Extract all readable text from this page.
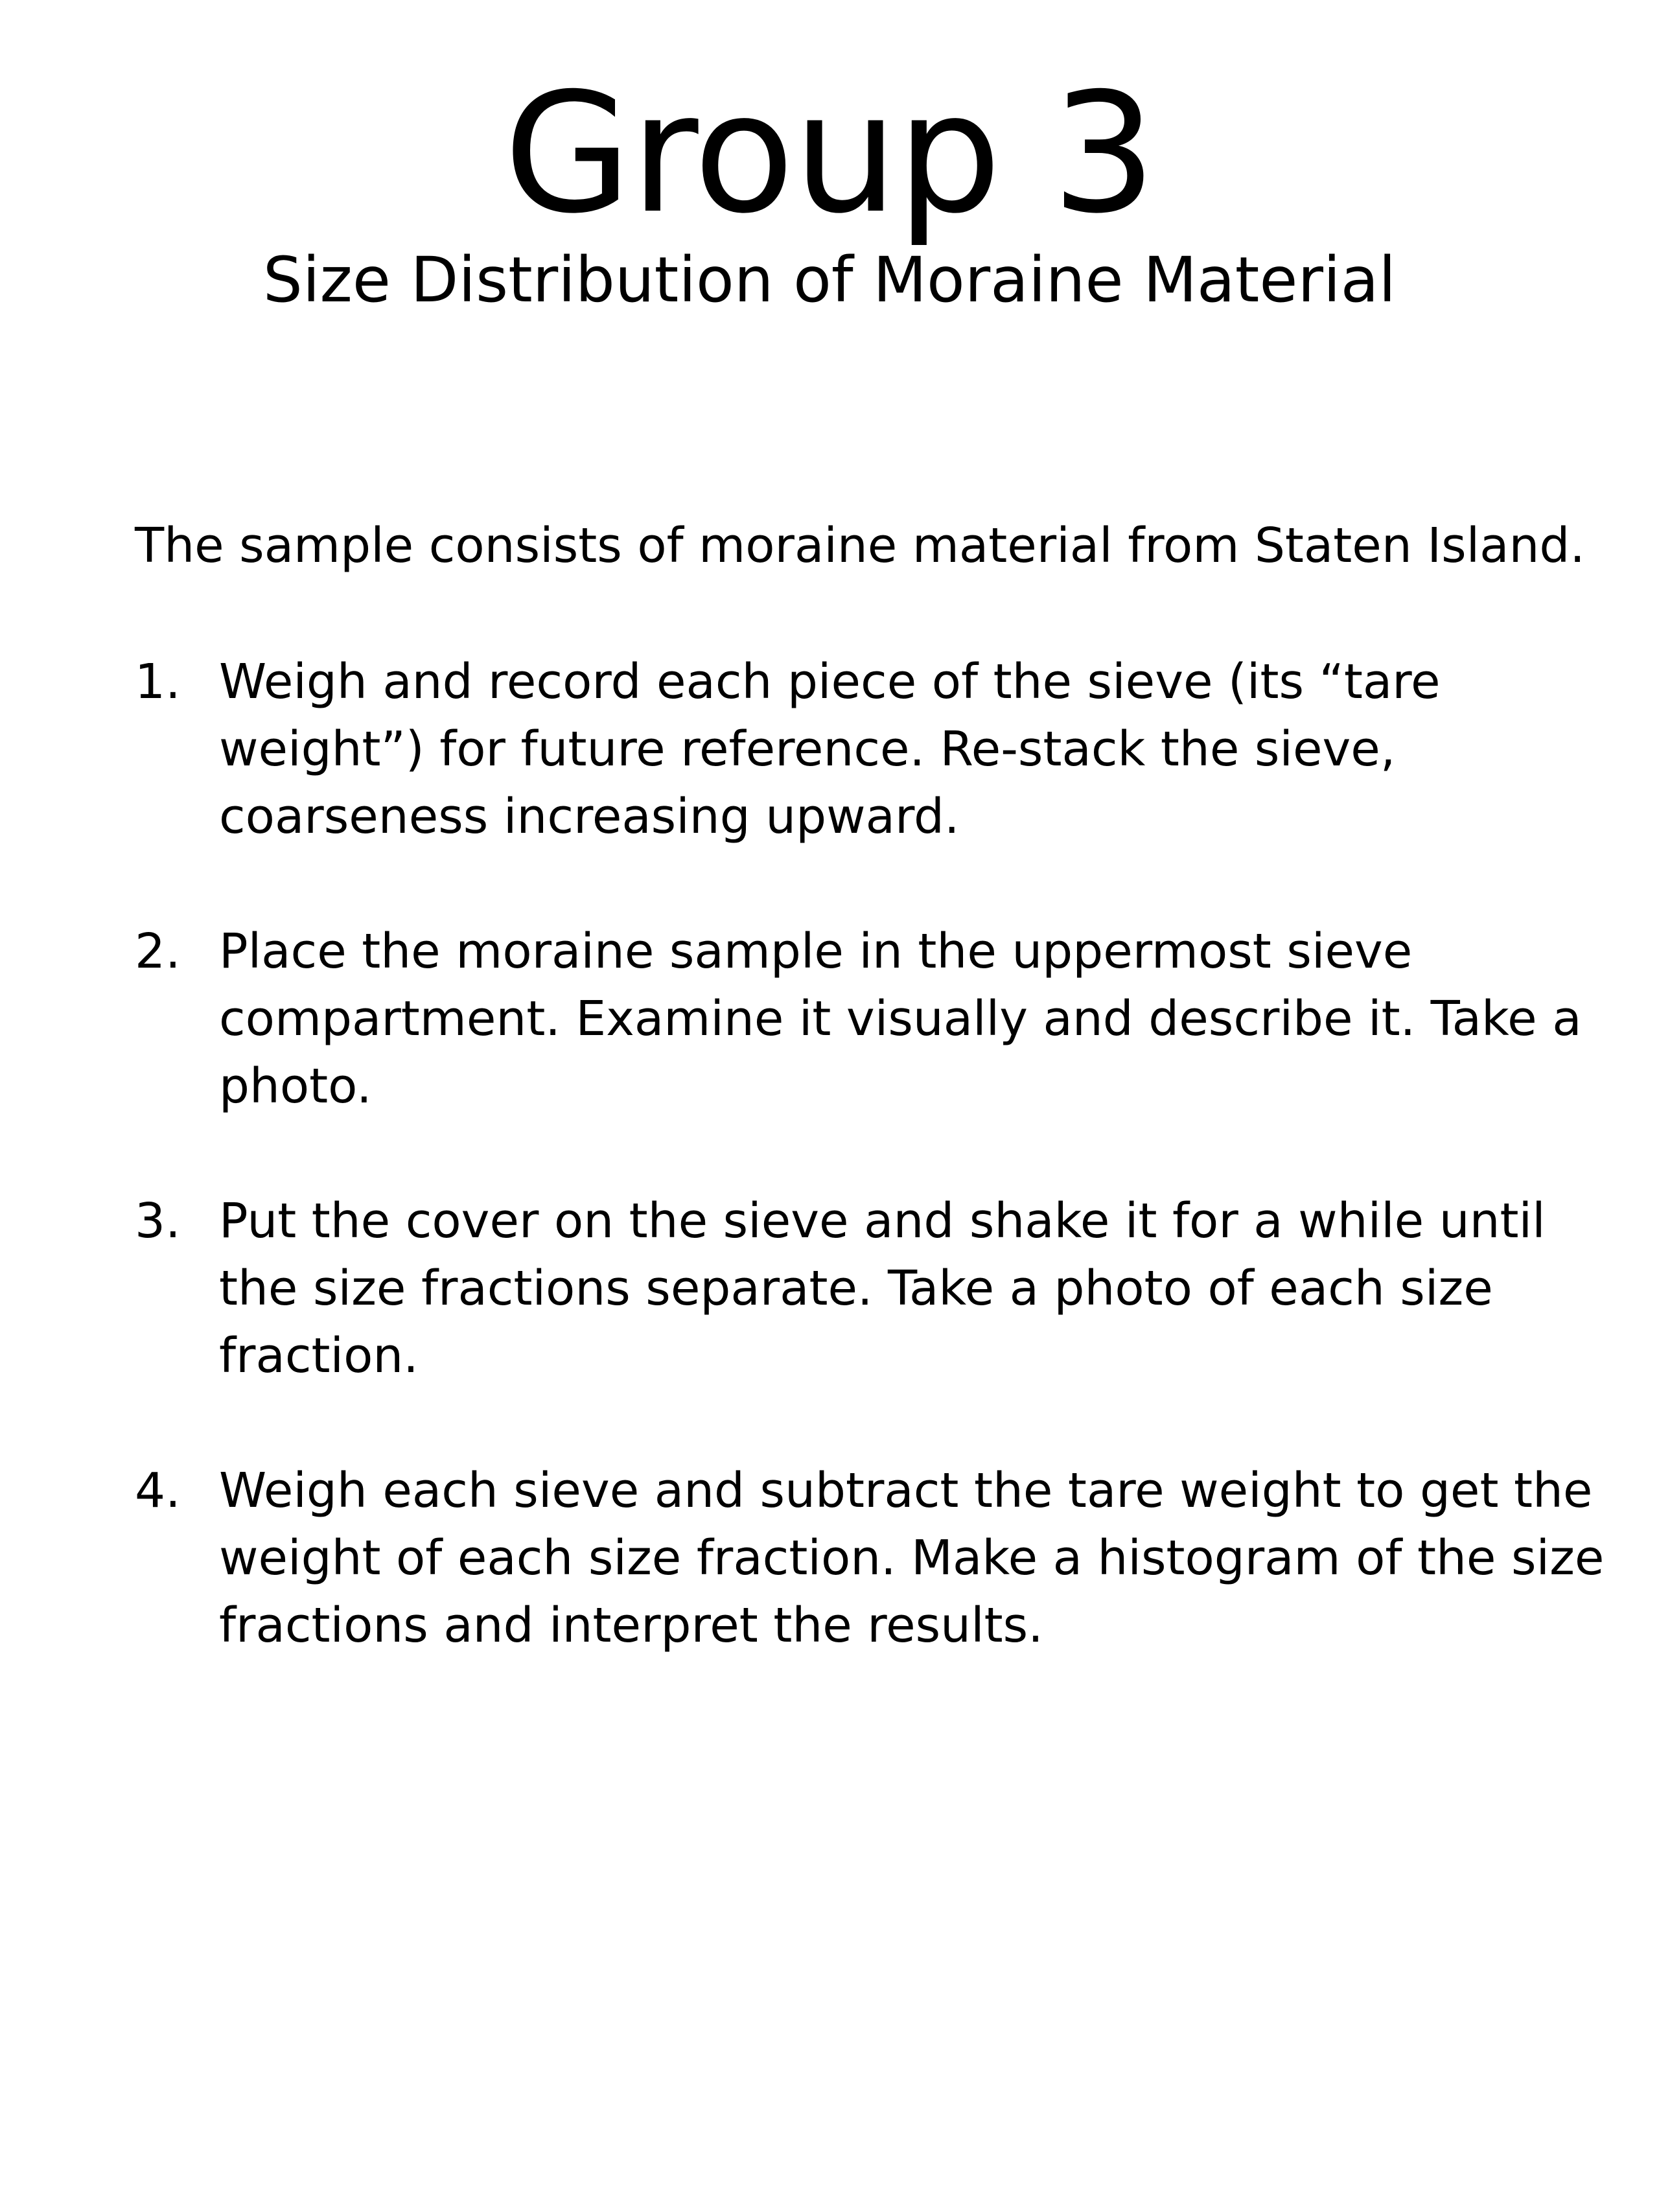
Group 3
Size Distribution of Moraine Material

The sample consists of moraine material from Staten Island.

1. Weigh and record each piece of the sieve (its “tare
weight”) for future reference. Re-stack the sieve,
coarseness increasing upward.
2. Place the moraine sample in the uppermost sieve
compartment. Examine it visually and describe it. Take a
photo.
3. Put the cover on the sieve and shake it for a while until
the size fractions separate. Take a photo of each size
fraction.
4. Weigh each sieve and subtract the tare weight to get the
weight of each size fraction. Make a histogram of the size
fractions and interpret the results.
